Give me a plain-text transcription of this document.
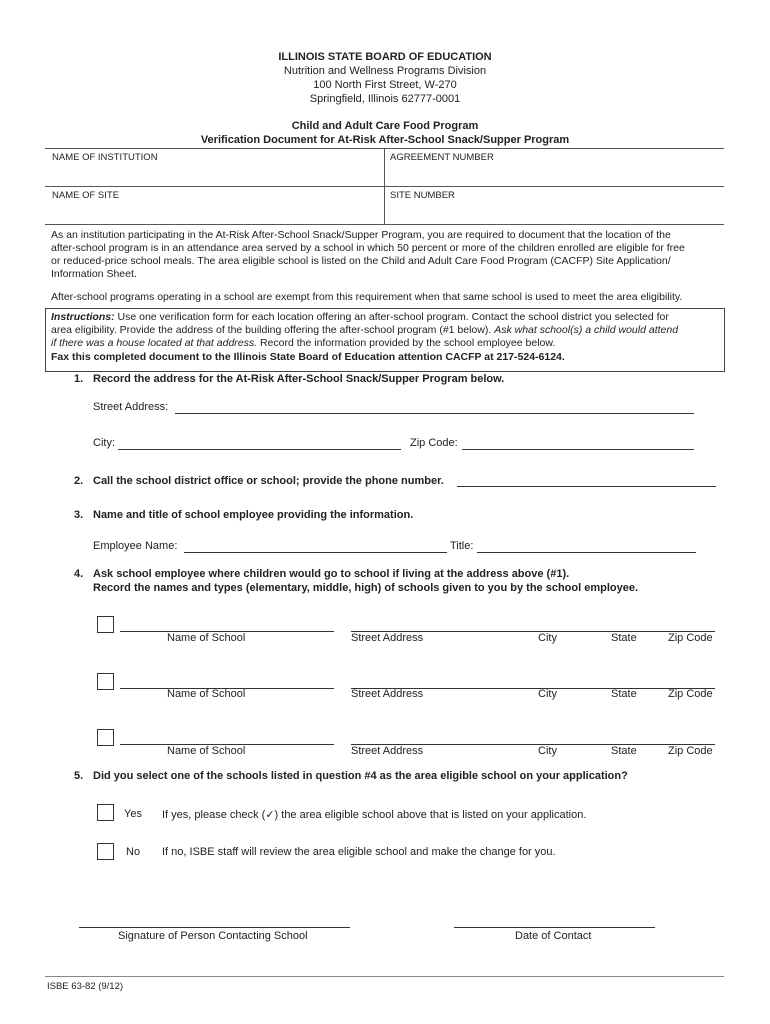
ILLINOIS STATE BOARD OF EDUCATION
Nutrition and Wellness Programs Division
100 North First Street, W-270
Springfield, Illinois 62777-0001
Child and Adult Care Food Program
Verification Document for At-Risk After-School Snack/Supper Program
NAME OF INSTITUTION	AGREEMENT NUMBER
NAME OF SITE	SITE NUMBER
As an institution participating in the At-Risk After-School Snack/Supper Program, you are required to document that the location of the
after-school program is in an attendance area served by a school in which 50 percent or more of the children enrolled are eligible for free
or reduced-price school meals. The area eligible school is listed on the Child and Adult Care Food Program (CACFP) Site Application/
Information Sheet.
After-school programs operating in a school are exempt from this requirement when that same school is used to meet the area eligibility.
Instructions: Use one verification form for each location offering an after-school program. Contact the school district you selected for
area eligibility. Provide the address of the building offering the after-school program (#1 below). Ask what school(s) a child would attend
if there was a house located at that address. Record the information provided by the school employee below.
Fax this completed document to the Illinois State Board of Education attention CACFP at 217-524-6124.
1. Record the address for the At-Risk After-School Snack/Supper Program below.
Street Address:
City:	Zip Code:
2. Call the school district office or school; provide the phone number.
3. Name and title of school employee providing the information.
Employee Name:	Title:
4. Ask school employee where children would go to school if living at the address above (#1).
Record the names and types (elementary, middle, high) of schools given to you by the school employee.
Name of School	Street Address	City	State	Zip Code
Name of School	Street Address	City	State	Zip Code
Name of School	Street Address	City	State	Zip Code
5. Did you select one of the schools listed in question #4 as the area eligible school on your application?
Yes If yes, please check (✓) the area eligible school above that is listed on your application.
No If no, ISBE staff will review the area eligible school and make the change for you.
Signature of Person Contacting School	Date of Contact
ISBE 63-82 (9/12)
